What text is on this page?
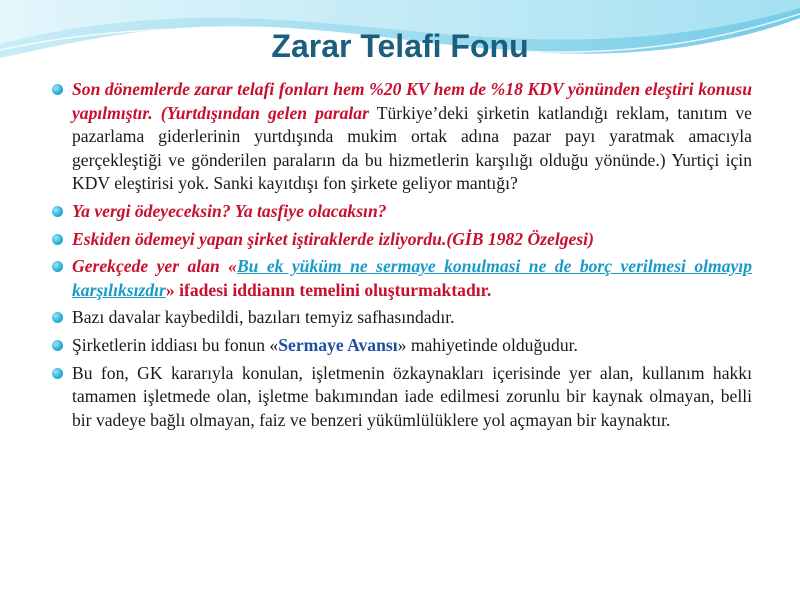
Zarar Telafi Fonu

Son dönemlerde zarar telafi fonları hem %20 KV hem de %18 KDV yönünden eleştiri konusu yapılmıştır. (Yurtdışından gelen paralar Türkiye’deki şirketin katlandığı reklam, tanıtım ve pazarlama giderlerinin yurtdışında mukim ortak adına pazar payı yaratmak amacıyla gerçekleştiği ve gönderilen paraların da bu hizmetlerin karşılığı olduğu yönünde.) Yurtiçi için KDV eleştirisi yok. Sanki kayıtdışı fon şirkete geliyor mantığı?

Ya vergi ödeyeceksin? Ya tasfiye olacaksın?

Eskiden ödemeyi yapan şirket iştiraklerde izliyordu.(GİB 1982 Özelgesi)

Gerekçede yer alan «Bu ek yüküm ne sermaye konulmasi ne de borç verilmesi olmayıp karşılıksızdır» ifadesi iddianın temelini oluşturmaktadır.

Bazı davalar kaybedildi, bazıları temyiz safhasındadır.

Şirketlerin iddiası bu fonun «Sermaye Avansı» mahiyetinde olduğudur.

Bu fon, GK kararıyla konulan, işletmenin özkaynakları içerisinde yer alan, kullanım hakkı tamamen işletmede olan, işletme bakımından iade edilmesi zorunlu bir kaynak olmayan, belli bir vadeye bağlı olmayan, faiz ve benzeri yükümlülüklere yol açmayan bir kaynaktır.
